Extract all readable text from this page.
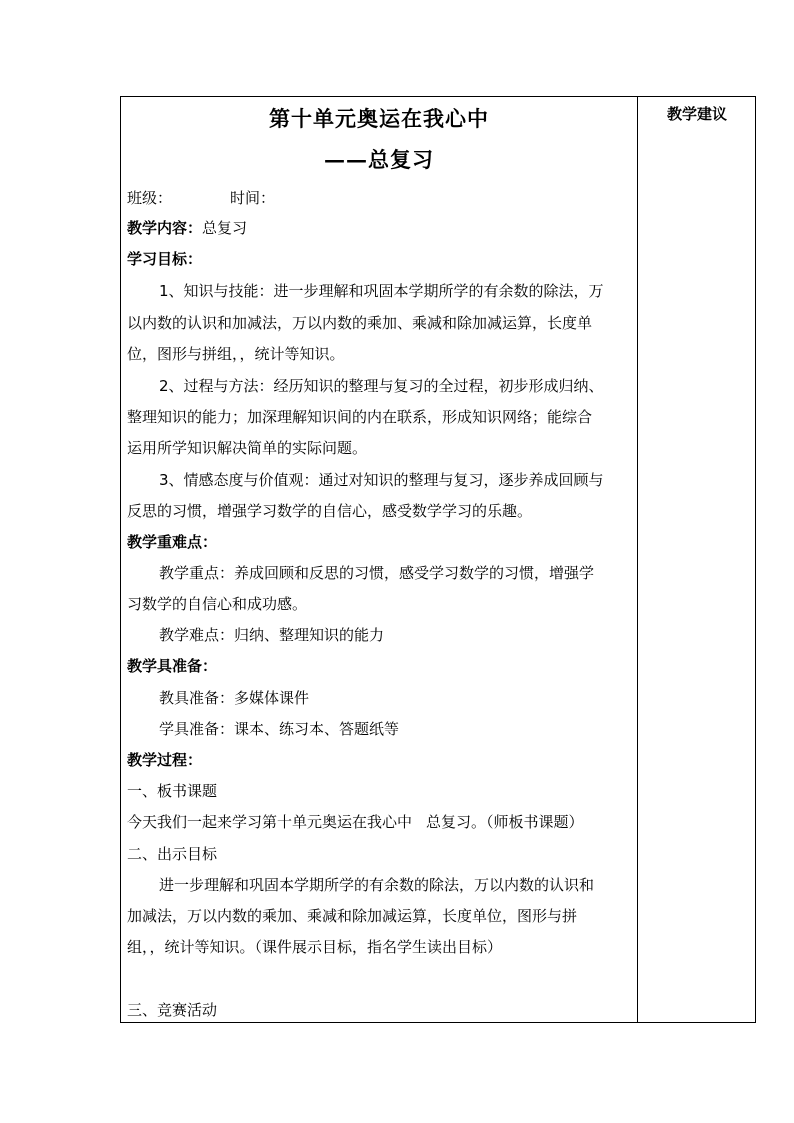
第十单元奥运在我心中
——总复习
班级：	时间：
教学内容：总复习
学习目标：
1、知识与技能：进一步理解和巩固本学期所学的有余数的除法，万
以内数的认识和加减法，万以内数的乘加、乘减和除加减运算，长度单
位，图形与拼组，，统计等知识。
2、过程与方法：经历知识的整理与复习的全过程，初步形成归纳、
整理知识的能力；加深理解知识间的内在联系，形成知识网络；能综合
运用所学知识解决简单的实际问题。
3、情感态度与价值观：通过对知识的整理与复习，逐步养成回顾与
反思的习惯，增强学习数学的自信心，感受数学学习的乐趣。
教学重难点：
教学重点：养成回顾和反思的习惯，感受学习数学的习惯，增强学
习数学的自信心和成功感。
教学难点：归纳、整理知识的能力
教学具准备：
教具准备：多媒体课件
学具准备：课本、练习本、答题纸等
教学过程：
一、板书课题
今天我们一起来学习第十单元奥运在我心中 总复习。（师板书课题）
二、出示目标
进一步理解和巩固本学期所学的有余数的除法，万以内数的认识和
加减法，万以内数的乘加、乘减和除加减运算，长度单位，图形与拼
组，，统计等知识。（课件展示目标，指名学生读出目标）
三、竞赛活动
教学建议
